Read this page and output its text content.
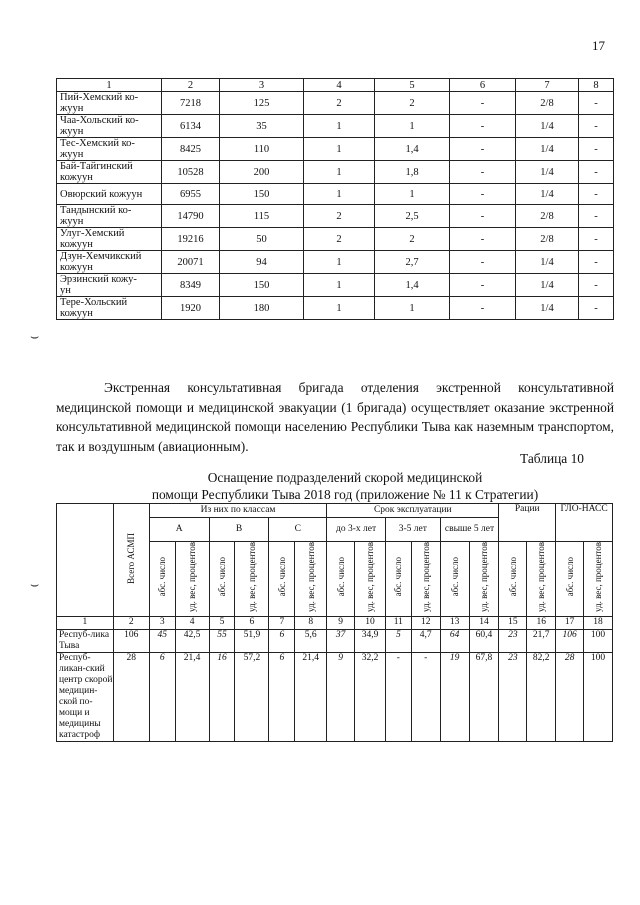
17
1	2	3	4	5	6	7	8

Пий-Хемский ко-
жуун	7218	125	2	2	-	2/8	-

Чаа-Хольский ко-
жуун	6134	35	1	1	-	1/4	-

Тес-Хемский ко-
жуун	8425	110	1	1,4	-	1/4	-

Бай-Тайгинский
кожуун	10528	200	1	1,8	-	1/4	-

Овюрский кожуун	6955	150	1	1	-	1/4	-

Тандынский ко-
жуун	14790	115	2	2,5	-	2/8	-

Улуг-Хемский
кожуун	19216	50	2	2	-	2/8	-

Дзун-Хемчикский
кожуун	20071	94	1	2,7	-	1/4	-

Эрзинский кожу-
ун	8349	150	1	1,4	-	1/4	-

Тере-Хольский
кожуун	1920	180	1	1	-	1/4	-
⌣
Экстренная консультативная бригада отделения экстренной консультативной медицинской помощи и медицинской эвакуации (1 бригада) осуществляет оказание экстренной консультативной медицинской помощи населению Республики Тыва как наземным транспортом, так и воздушным (авиационным).
Таблица 10
Оснащение подразделений скорой медицинской
помощи Республики Тыва 2018 год (приложение № 11 к Стратегии)
⌣
	Всего АСМП	Из них по классам						Срок эксплуатации						Рации		ГЛО-НАСС	
		А		В		С		до 3-х лет		3-5 лет		свыше 5 лет					
		абс. число	уд. вес, процентов	абс. число	уд. вес, процентов	абс. число	уд. вес, процентов	абс. число	уд. вес, процентов	абс. число	уд. вес, процентов	абс. число	уд. вес, процентов	абс. число	уд. вес, процентов	абс. число	уд. вес, процентов
1	2	3	4	5	6	7	8	9	10	11	12	13	14	15	16	17	18
Респуб-лика Тыва	106	45	42,5	55	51,9	6	5,6	37	34,9	5	4,7	64	60,4	23	21,7	106	100
Респуб-ликан-ский центр скорой медицин-ской по-мощи и медицины катастроф	28	6	21,4	16	57,2	6	21,4	9	32,2	-	-	19	67,8	23	82,2	28	100
